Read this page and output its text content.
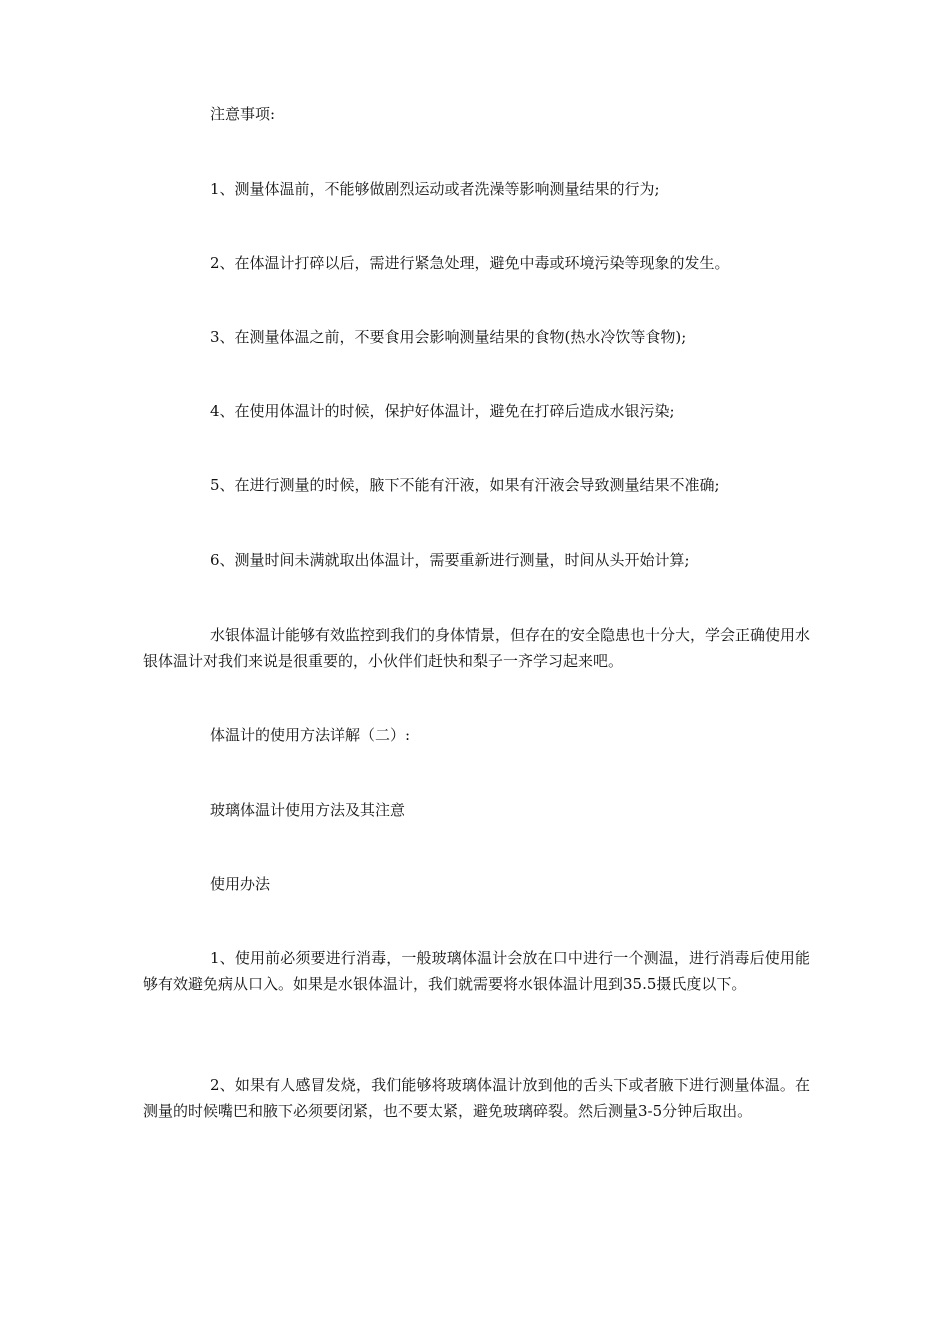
注意事项:
1、测量体温前，不能够做剧烈运动或者洗澡等影响测量结果的行为;
2、在体温计打碎以后，需进行紧急处理，避免中毒或环境污染等现象的发生。
3、在测量体温之前，不要食用会影响测量结果的食物(热水冷饮等食物);
4、在使用体温计的时候，保护好体温计，避免在打碎后造成水银污染;
5、在进行测量的时候，腋下不能有汗液，如果有汗液会导致测量结果不准确;
6、测量时间未满就取出体温计，需要重新进行测量，时间从头开始计算;
水银体温计能够有效监控到我们的身体情景，但存在的安全隐患也十分大，学会正确使用水银体温计对我们来说是很重要的，小伙伴们赶快和梨子一齐学习起来吧。
体温计的使用方法详解（二）:
玻璃体温计使用方法及其注意
使用办法
1、使用前必须要进行消毒，一般玻璃体温计会放在口中进行一个测温，进行消毒后使用能够有效避免病从口入。如果是水银体温计，我们就需要将水银体温计甩到35.5摄氏度以下。
2、如果有人感冒发烧，我们能够将玻璃体温计放到他的舌头下或者腋下进行测量体温。在测量的时候嘴巴和腋下必须要闭紧，也不要太紧，避免玻璃碎裂。然后测量3-5分钟后取出。
